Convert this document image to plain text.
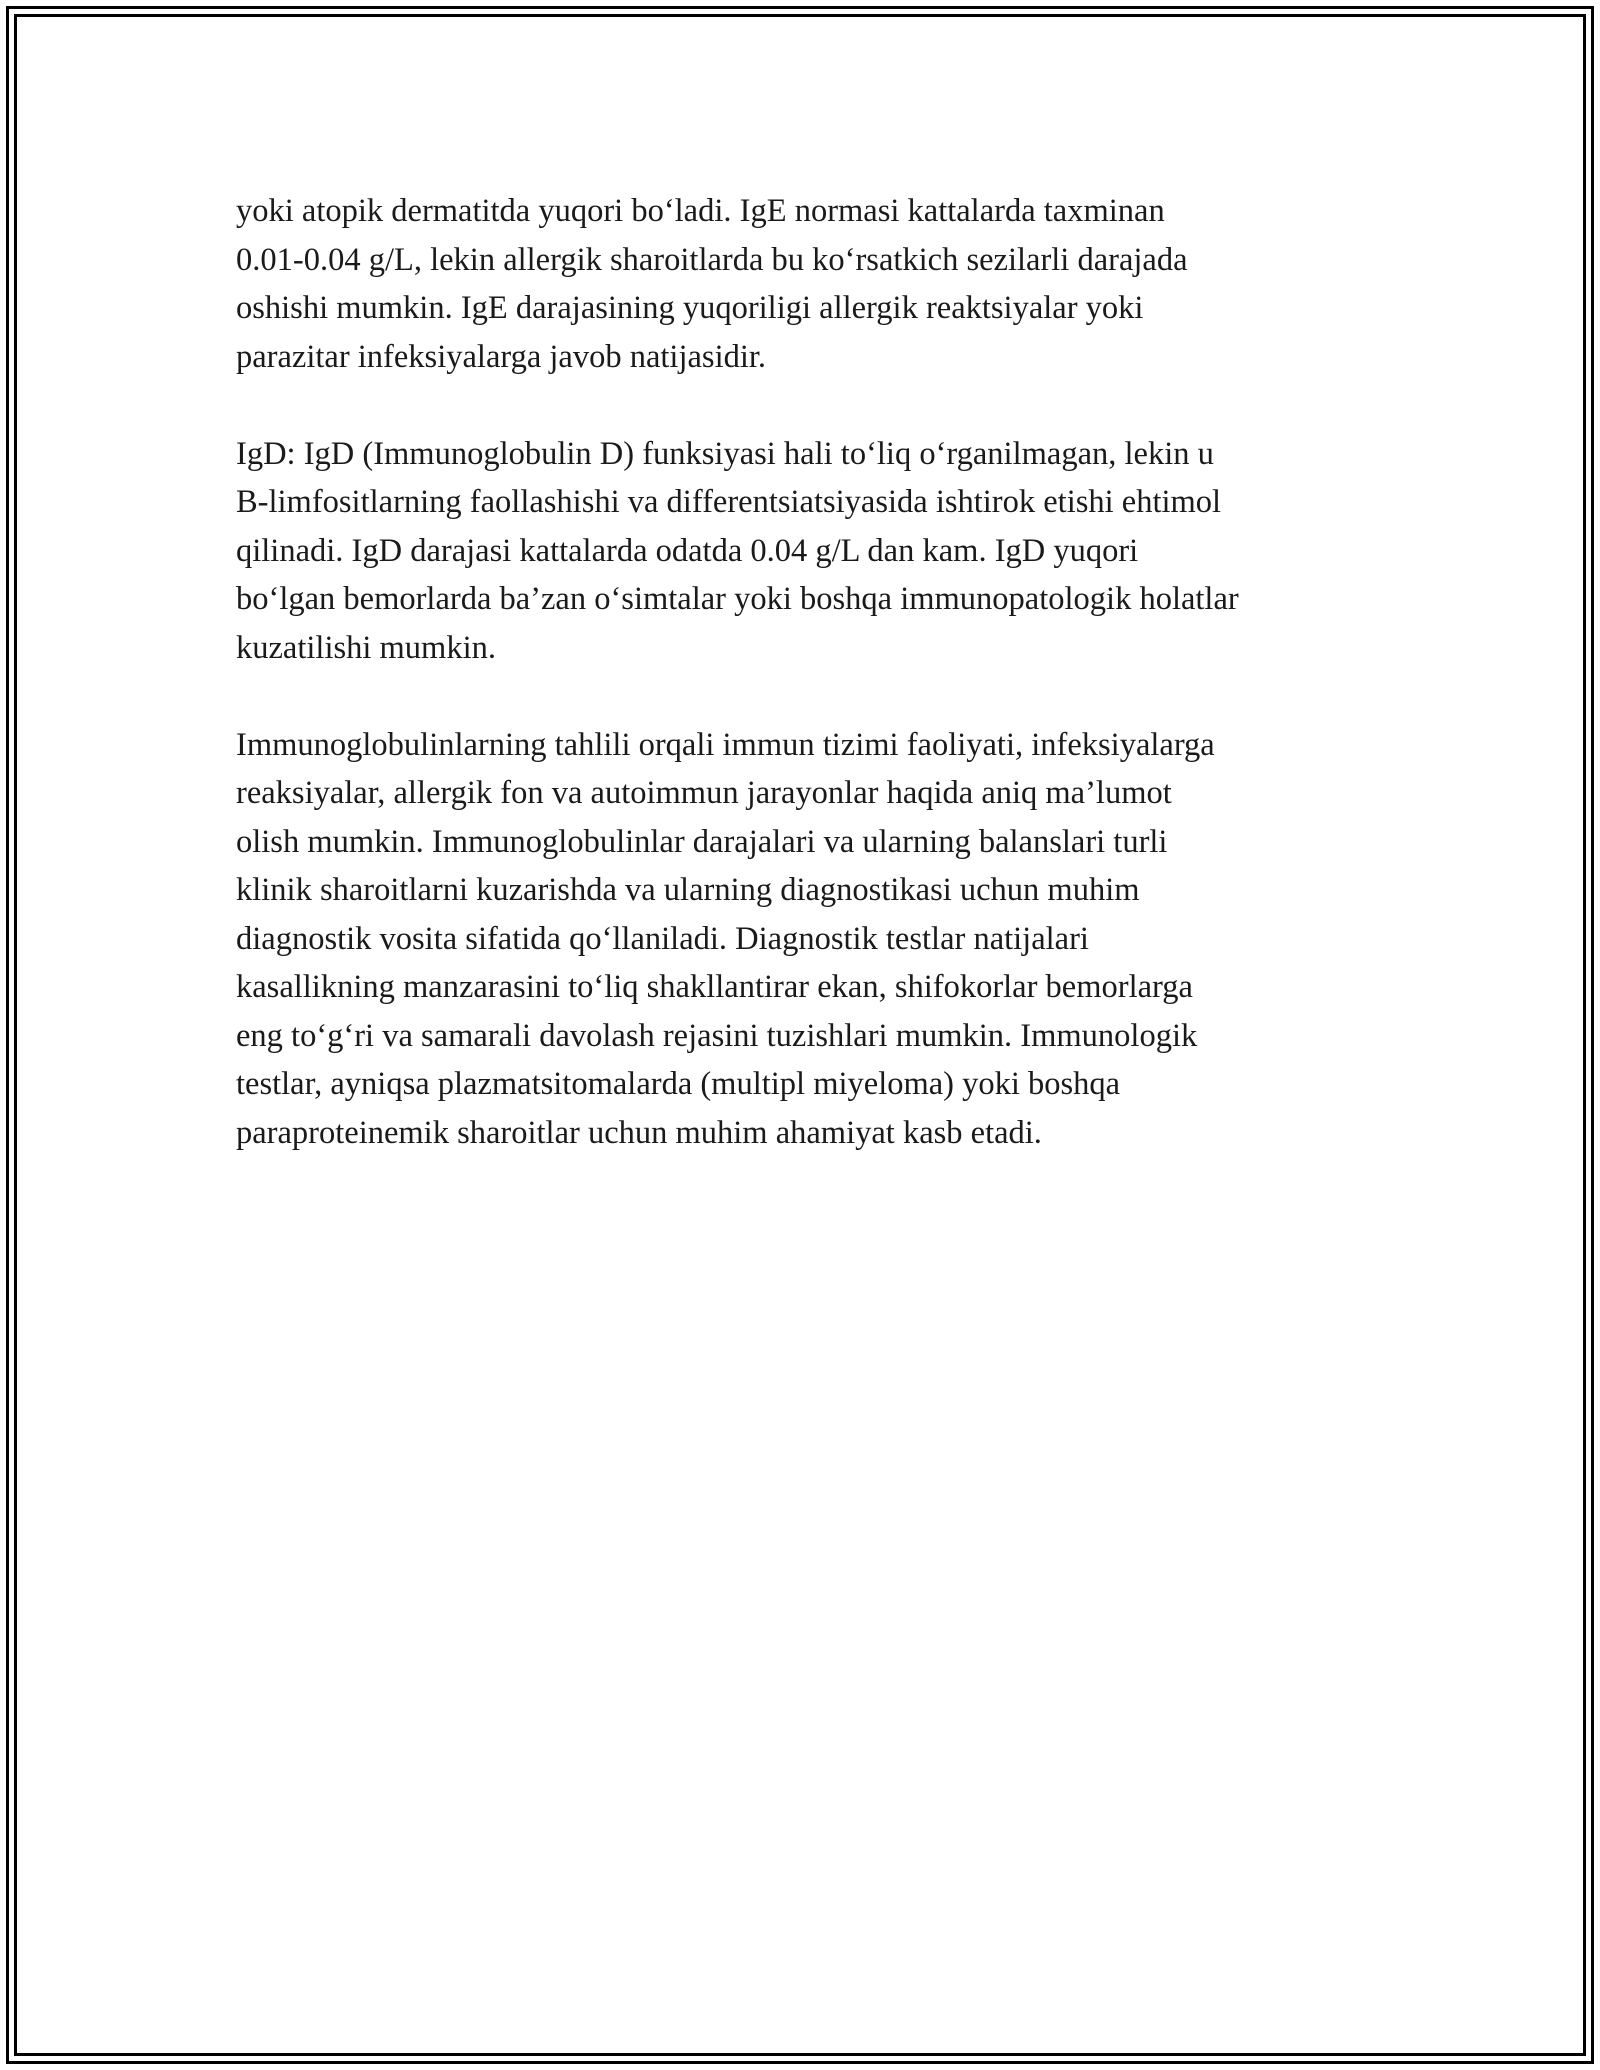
yoki atopik dermatitda yuqori bo‘ladi. IgE normasi kattalarda taxminan
0.01-0.04 g/L, lekin allergik sharoitlarda bu ko‘rsatkich sezilarli darajada
oshishi mumkin. IgE darajasining yuqoriligi allergik reaktsiyalar yoki
parazitar infeksiyalarga javob natijasidir.

IgD: IgD (Immunoglobulin D) funksiyasi hali to‘liq o‘rganilmagan, lekin u
B-limfositlarning faollashishi va differentsiatsiyasida ishtirok etishi ehtimol
qilinadi. IgD darajasi kattalarda odatda 0.04 g/L dan kam. IgD yuqori
bo‘lgan bemorlarda ba’zan o‘simtalar yoki boshqa immunopatologik holatlar
kuzatilishi mumkin.

Immunoglobulinlarning tahlili orqali immun tizimi faoliyati, infeksiyalarga
reaksiyalar, allergik fon va autoimmun jarayonlar haqida aniq ma’lumot
olish mumkin. Immunoglobulinlar darajalari va ularning balanslari turli
klinik sharoitlarni kuzarishda va ularning diagnostikasi uchun muhim
diagnostik vosita sifatida qo‘llaniladi. Diagnostik testlar natijalari
kasallikning manzarasini to‘liq shakllantirar ekan, shifokorlar bemorlarga
eng to‘g‘ri va samarali davolash rejasini tuzishlari mumkin. Immunologik
testlar, ayniqsa plazmatsitomalarda (multipl miyeloma) yoki boshqa
paraproteinemik sharoitlar uchun muhim ahamiyat kasb etadi.
